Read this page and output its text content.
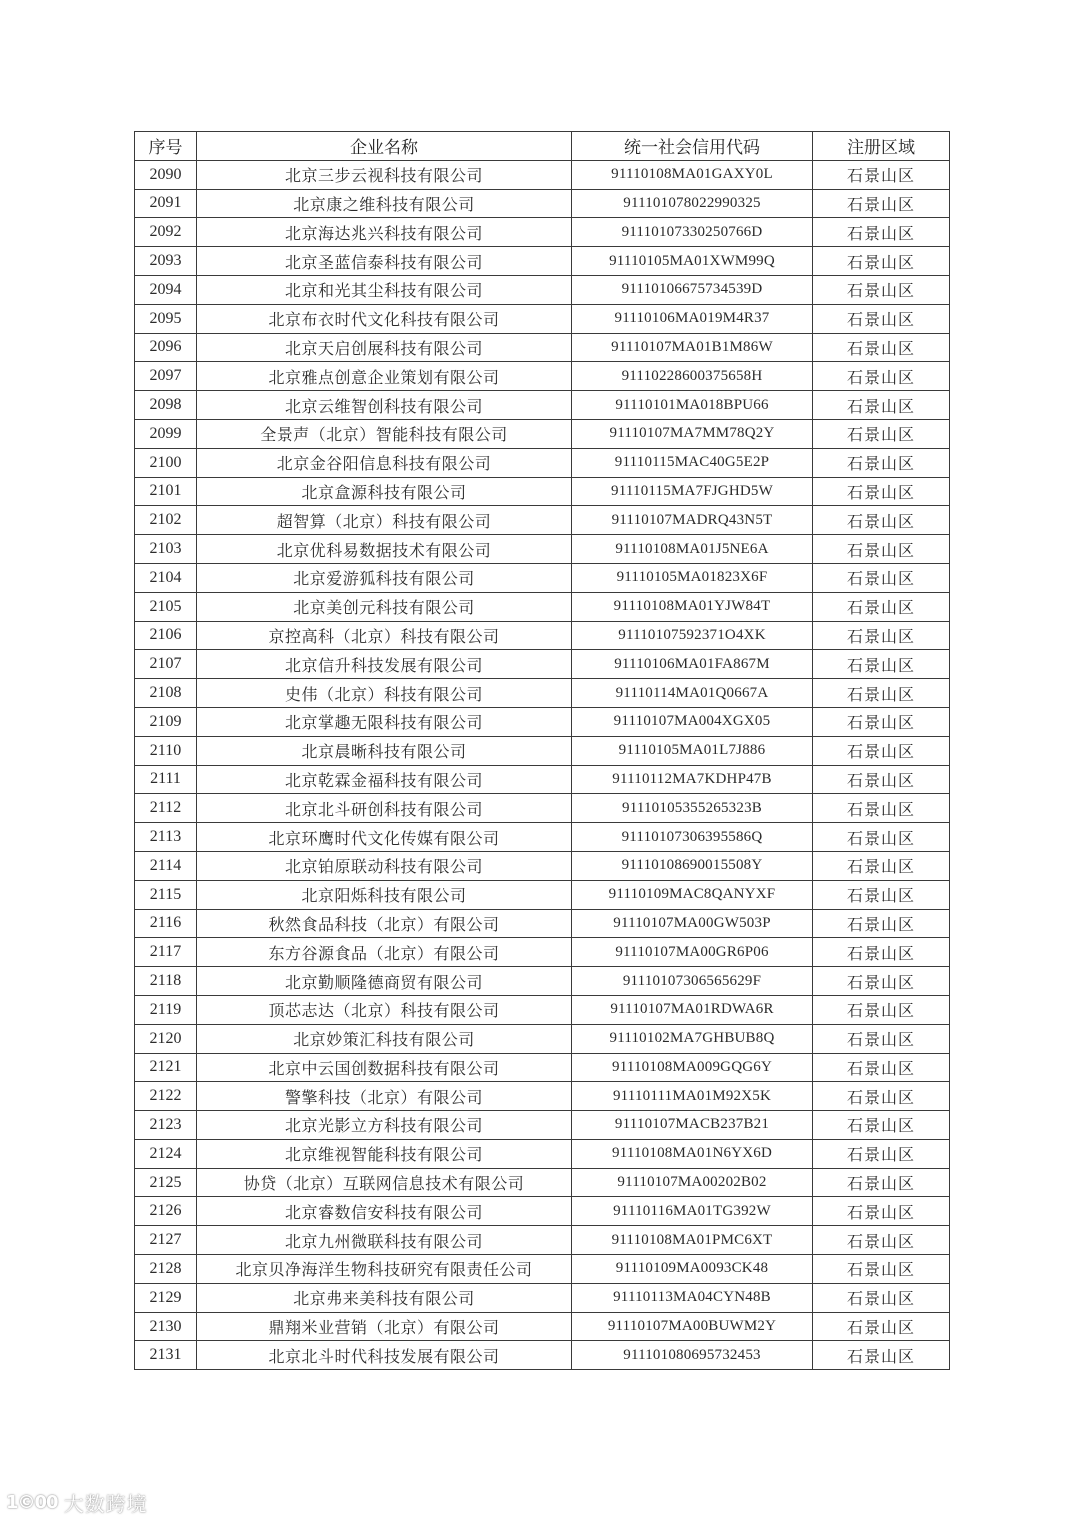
序号	企业名称	统一社会信用代码	注册区域
2090	北京三步云视科技有限公司	91110108MA01GAXY0L	石景山区
2091	北京康之维科技有限公司	911101078022990325	石景山区
2092	北京海达兆兴科技有限公司	91110107330250766D	石景山区
2093	北京圣蓝信泰科技有限公司	91110105MA01XWM99Q	石景山区
2094	北京和光其尘科技有限公司	91110106675734539D	石景山区
2095	北京布衣时代文化科技有限公司	91110106MA019M4R37	石景山区
2096	北京天启创展科技有限公司	91110107MA01B1M86W	石景山区
2097	北京雅点创意企业策划有限公司	91110228600375658H	石景山区
2098	北京云维智创科技有限公司	91110101MA018BPU66	石景山区
2099	全景声（北京）智能科技有限公司	91110107MA7MM78Q2Y	石景山区
2100	北京金谷阳信息科技有限公司	91110115MAC40G5E2P	石景山区
2101	北京盒源科技有限公司	91110115MA7FJGHD5W	石景山区
2102	超智算（北京）科技有限公司	91110107MADRQ43N5T	石景山区
2103	北京优科易数据技术有限公司	91110108MA01J5NE6A	石景山区
2104	北京爱游狐科技有限公司	91110105MA01823X6F	石景山区
2105	北京美创元科技有限公司	91110108MA01YJW84T	石景山区
2106	京控高科（北京）科技有限公司	91110107592371O4XK	石景山区
2107	北京信升科技发展有限公司	91110106MA01FA867M	石景山区
2108	史伟（北京）科技有限公司	91110114MA01Q0667A	石景山区
2109	北京掌趣无限科技有限公司	91110107MA004XGX05	石景山区
2110	北京晨晰科技有限公司	91110105MA01L7J886	石景山区
2111	北京乾霖金福科技有限公司	91110112MA7KDHP47B	石景山区
2112	北京北斗研创科技有限公司	91110105355265323B	石景山区
2113	北京环鹰时代文化传媒有限公司	91110107306395586Q	石景山区
2114	北京铂原联动科技有限公司	91110108690015508Y	石景山区
2115	北京阳烁科技有限公司	91110109MAC8QANYXF	石景山区
2116	秋然食品科技（北京）有限公司	91110107MA00GW503P	石景山区
2117	东方谷源食品（北京）有限公司	91110107MA00GR6P06	石景山区
2118	北京勤顺隆德商贸有限公司	91110107306565629F	石景山区
2119	顶芯志达（北京）科技有限公司	91110107MA01RDWA6R	石景山区
2120	北京妙策汇科技有限公司	91110102MA7GHBUB8Q	石景山区
2121	北京中云国创数据科技有限公司	91110108MA009GQG6Y	石景山区
2122	警擎科技（北京）有限公司	91110111MA01M92X5K	石景山区
2123	北京光影立方科技有限公司	91110107MACB237B21	石景山区
2124	北京维视智能科技有限公司	91110108MA01N6YX6D	石景山区
2125	协贷（北京）互联网信息技术有限公司	91110107MA00202B02	石景山区
2126	北京睿数信安科技有限公司	91110116MA01TG392W	石景山区
2127	北京九州微联科技有限公司	91110108MA01PMC6XT	石景山区
2128	北京贝净海洋生物科技研究有限责任公司	91110109MA0093CK48	石景山区
2129	北京弗来美科技有限公司	91110113MA04CYN48B	石景山区
2130	鼎翔米业营销（北京）有限公司	91110107MA00BUWM2Y	石景山区
2131	北京北斗时代科技发展有限公司	911101080695732453	石景山区
1©00 大数跨境
